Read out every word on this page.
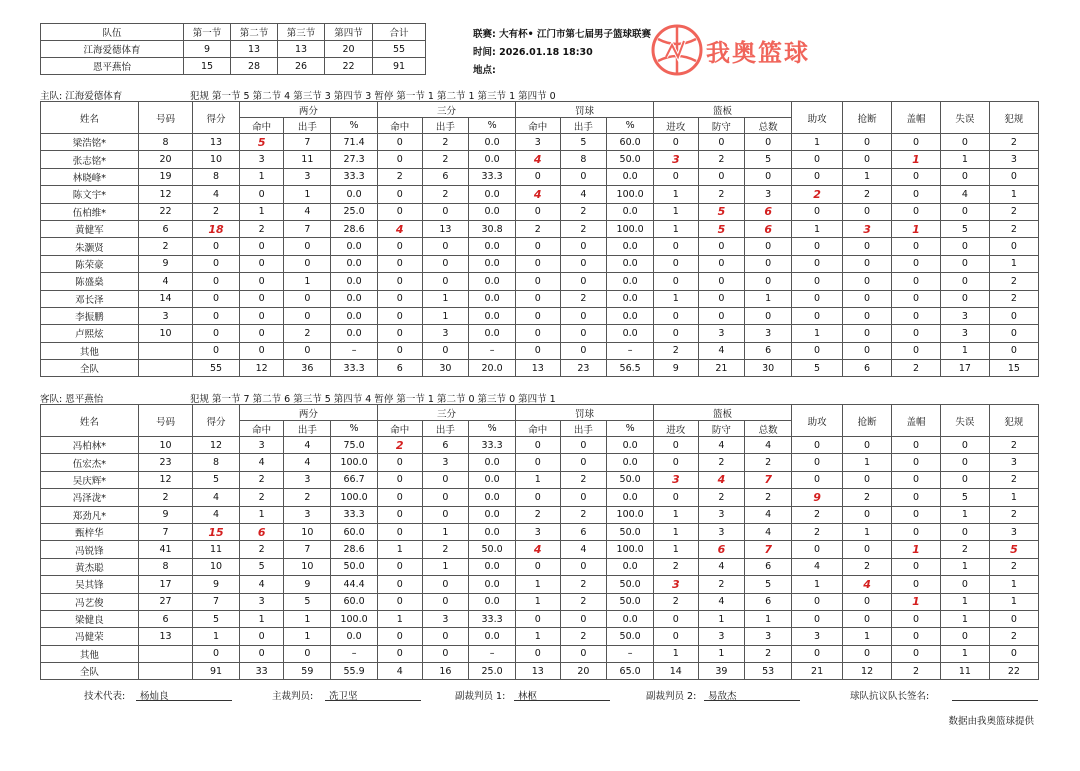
队伍	第一节	第二节	第三节	第四节	合计
江海爱德体育	9	13	13	20	55
恩平燕怡	15	28	26	22	91
联赛: 大有杯• 江门市第七届男子篮球联赛
时间: 2026.01.18 18:30
地点:
我奥篮球
主队: 江海爱德体育	犯规 第一节 5 第二节 4 第三节 3 第四节 3 暂停 第一节 1 第二节 1 第三节 1 第四节 0
姓名	号码	得分	两分			三分			罚球			篮板			助攻	抢断	盖帽	失误	犯规
			命中	出手	%	命中	出手	%	命中	出手	%	进攻	防守	总数					
梁浩铭*	8	13	5	7	71.4	0	2	0.0	3	5	60.0	0	0	0	1	0	0	0	2
张志铭*	20	10	3	11	27.3	0	2	0.0	4	8	50.0	3	2	5	0	0	1	1	3
林晓峰*	19	8	1	3	33.3	2	6	33.3	0	0	0.0	0	0	0	0	1	0	0	0
陈文宇*	12	4	0	1	0.0	0	2	0.0	4	4	100.0	1	2	3	2	2	0	4	1
伍柏维*	22	2	1	4	25.0	0	0	0.0	0	2	0.0	1	5	6	0	0	0	0	2
黄健军	6	18	2	7	28.6	4	13	30.8	2	2	100.0	1	5	6	1	3	1	5	2
朱灏贤	2	0	0	0	0.0	0	0	0.0	0	0	0.0	0	0	0	0	0	0	0	0
陈荣豪	9	0	0	0	0.0	0	0	0.0	0	0	0.0	0	0	0	0	0	0	0	1
陈盛燊	4	0	0	1	0.0	0	0	0.0	0	0	0.0	0	0	0	0	0	0	0	2
邓长泽	14	0	0	0	0.0	0	1	0.0	0	2	0.0	1	0	1	0	0	0	0	2
李振鹏	3	0	0	0	0.0	0	1	0.0	0	0	0.0	0	0	0	0	0	0	3	0
卢熙炫	10	0	0	2	0.0	0	3	0.0	0	0	0.0	0	3	3	1	0	0	3	0
其他		0	0	0	–	0	0	–	0	0	–	2	4	6	0	0	0	1	0
全队		55	12	36	33.3	6	30	20.0	13	23	56.5	9	21	30	5	6	2	17	15
客队: 恩平燕怡	犯规 第一节 7 第二节 6 第三节 5 第四节 4 暂停 第一节 1 第二节 0 第三节 0 第四节 1
姓名	号码	得分	两分			三分			罚球			篮板			助攻	抢断	盖帽	失误	犯规
			命中	出手	%	命中	出手	%	命中	出手	%	进攻	防守	总数					
冯柏林*	10	12	3	4	75.0	2	6	33.3	0	0	0.0	0	4	4	0	0	0	0	2
伍宏杰*	23	8	4	4	100.0	0	3	0.0	0	0	0.0	0	2	2	0	1	0	0	3
吴庆辉*	12	5	2	3	66.7	0	0	0.0	1	2	50.0	3	4	7	0	0	0	0	2
冯泽泷*	2	4	2	2	100.0	0	0	0.0	0	0	0.0	0	2	2	9	2	0	5	1
郑劲凡*	9	4	1	3	33.3	0	0	0.0	2	2	100.0	1	3	4	2	0	0	1	2
甄梓华	7	15	6	10	60.0	0	1	0.0	3	6	50.0	1	3	4	2	1	0	0	3
冯锐锋	41	11	2	7	28.6	1	2	50.0	4	4	100.0	1	6	7	0	0	1	2	5
黄杰聪	8	10	5	10	50.0	0	1	0.0	0	0	0.0	2	4	6	4	2	0	1	2
吴其锋	17	9	4	9	44.4	0	0	0.0	1	2	50.0	3	2	5	1	4	0	0	1
冯艺俊	27	7	3	5	60.0	0	0	0.0	1	2	50.0	2	4	6	0	0	1	1	1
梁健良	6	5	1	1	100.0	1	3	33.3	0	0	0.0	0	1	1	0	0	0	1	0
冯健荣	13	1	0	1	0.0	0	0	0.0	1	2	50.0	0	3	3	3	1	0	0	2
其他		0	0	0	–	0	0	–	0	0	–	1	1	2	0	0	0	1	0
全队		91	33	59	55.9	4	16	25.0	13	20	65.0	14	39	53	21	12	2	11	22
技术代表:	杨灿良	主裁判员:	冼卫坚	副裁判员 1:	林枢	副裁判员 2:	易敌杰	球队抗议队长签名:
数据由我奥篮球提供
